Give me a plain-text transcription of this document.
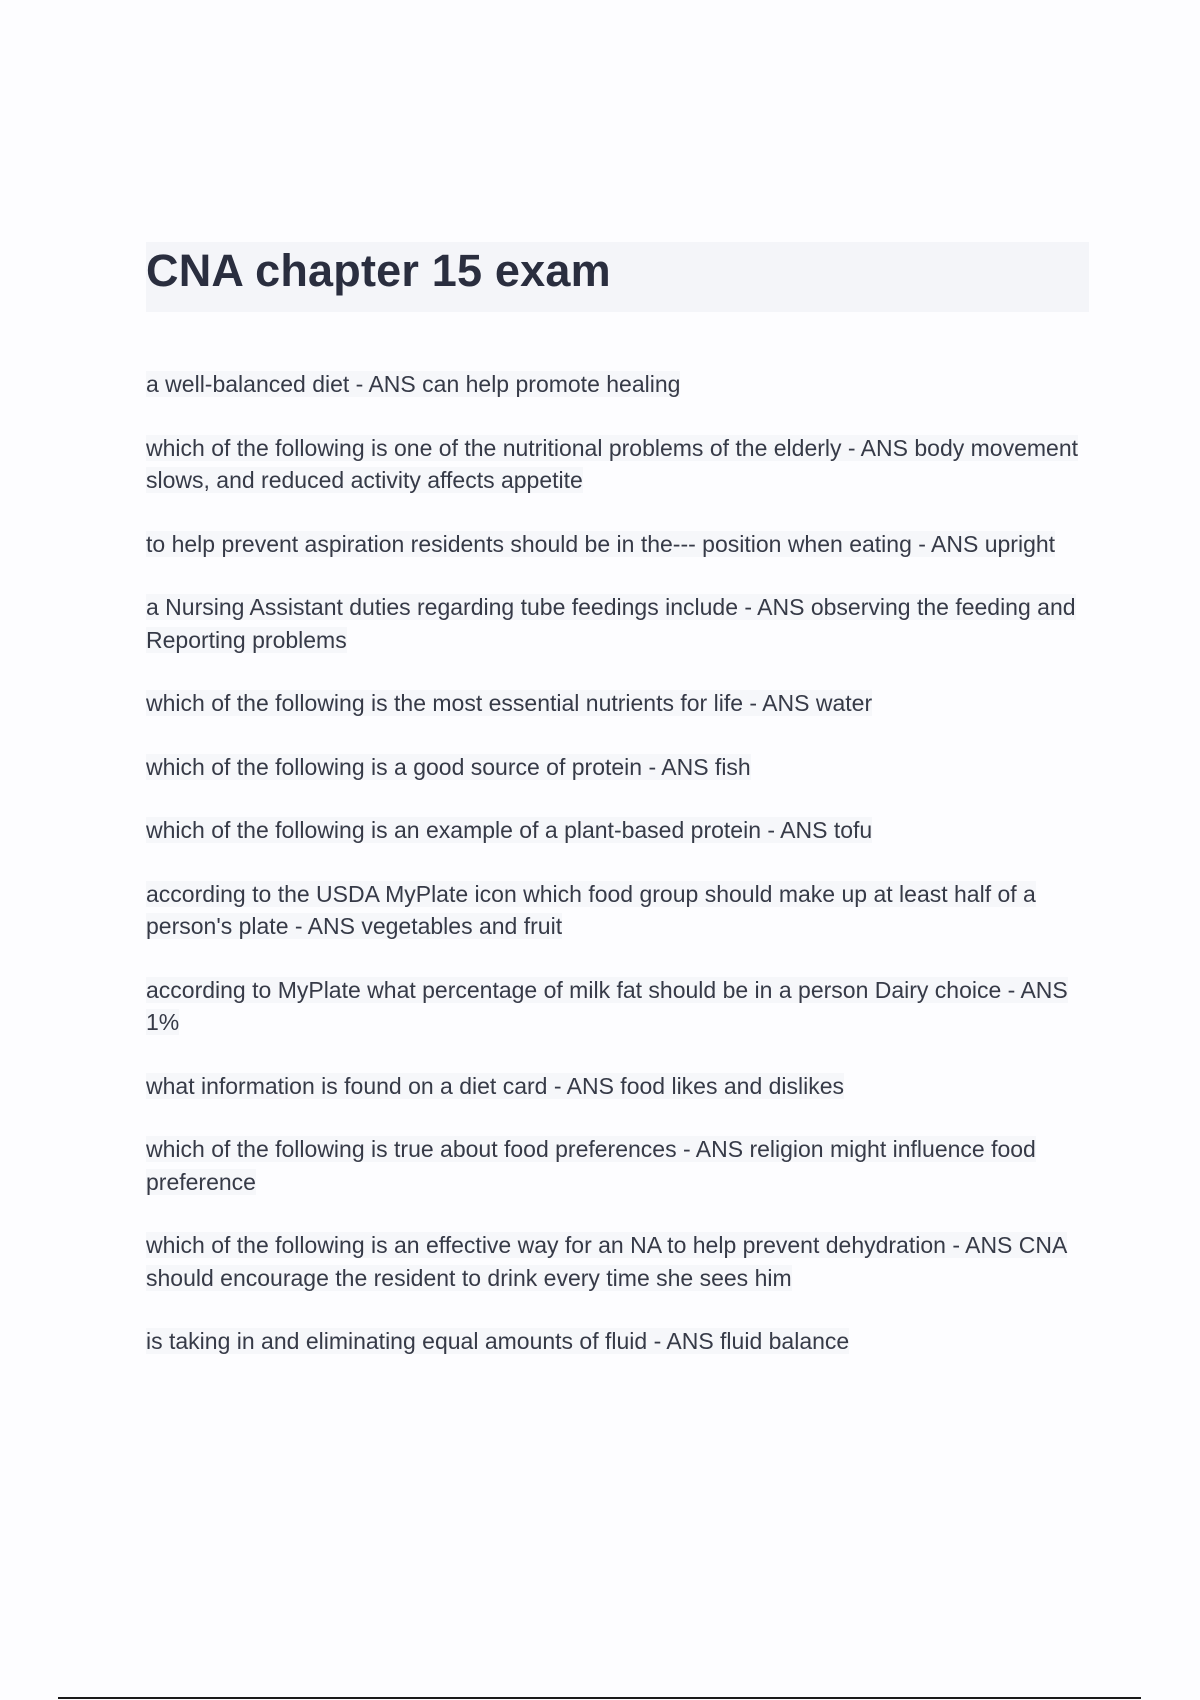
CNA chapter 15 exam
a well-balanced diet - ANS can help promote healing
which of the following is one of the nutritional problems of the elderly - ANS body movement slows, and reduced activity affects appetite
to help prevent aspiration residents should be in the--- position when eating - ANS upright
a Nursing Assistant duties regarding tube feedings include - ANS observing the feeding and Reporting problems
which of the following is the most essential nutrients for life - ANS water
which of the following is a good source of protein - ANS fish
which of the following is an example of a plant-based protein - ANS tofu
according to the USDA MyPlate icon which food group should make up at least half of a person's plate - ANS vegetables and fruit
according to MyPlate what percentage of milk fat should be in a person Dairy choice - ANS 1%
what information is found on a diet card - ANS food likes and dislikes
which of the following is true about food preferences - ANS religion might influence food preference
which of the following is an effective way for an NA to help prevent dehydration - ANS CNA should encourage the resident to drink every time she sees him
is taking in and eliminating equal amounts of fluid - ANS fluid balance
